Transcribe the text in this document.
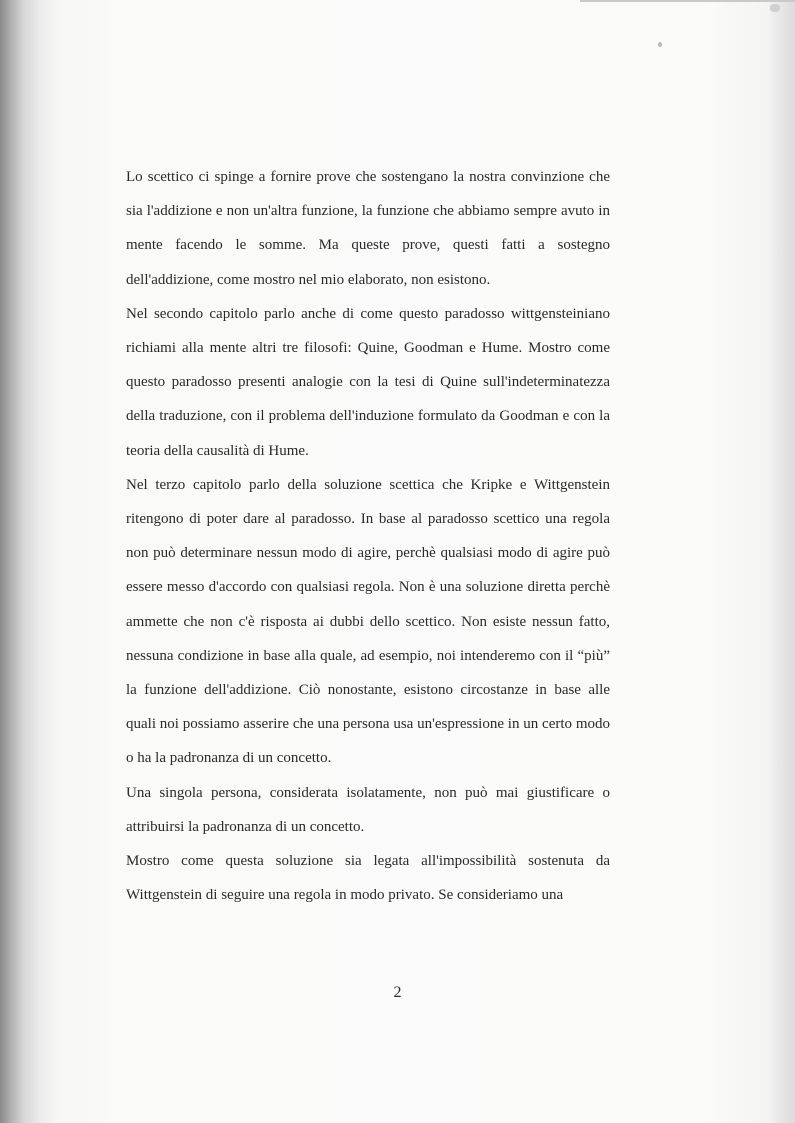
Lo scettico ci spinge a fornire prove che sostengano la nostra convinzione che sia l'addizione e non un'altra funzione, la funzione che abbiamo sempre avuto in mente facendo le somme. Ma queste prove, questi fatti a sostegno dell'addizione, come mostro nel mio elaborato, non esistono.

Nel secondo capitolo parlo anche di come questo paradosso wittgensteiniano richiami alla mente altri tre filosofi: Quine, Goodman e Hume. Mostro come questo paradosso presenti analogie con la tesi di Quine sull'indeterminatezza della traduzione, con il problema dell'induzione formulato da Goodman e con la teoria della causalità di Hume.

Nel terzo capitolo parlo della soluzione scettica che Kripke e Wittgenstein ritengono di poter dare al paradosso. In base al paradosso scettico una regola non può determinare nessun modo di agire, perchè qualsiasi modo di agire può essere messo d'accordo con qualsiasi regola. Non è una soluzione diretta perchè ammette che non c'è risposta ai dubbi dello scettico. Non esiste nessun fatto, nessuna condizione in base alla quale, ad esempio, noi intenderemo con il “più” la funzione dell'addizione. Ciò nonostante, esistono circostanze in base alle quali noi possiamo asserire che una persona usa un'espressione in un certo modo o ha la padronanza di un concetto.

Una singola persona, considerata isolatamente, non può mai giustificare o attribuirsi la padronanza di un concetto.

Mostro come questa soluzione sia legata all'impossibilità sostenuta da Wittgenstein di seguire una regola in modo privato. Se consideriamo una

2
